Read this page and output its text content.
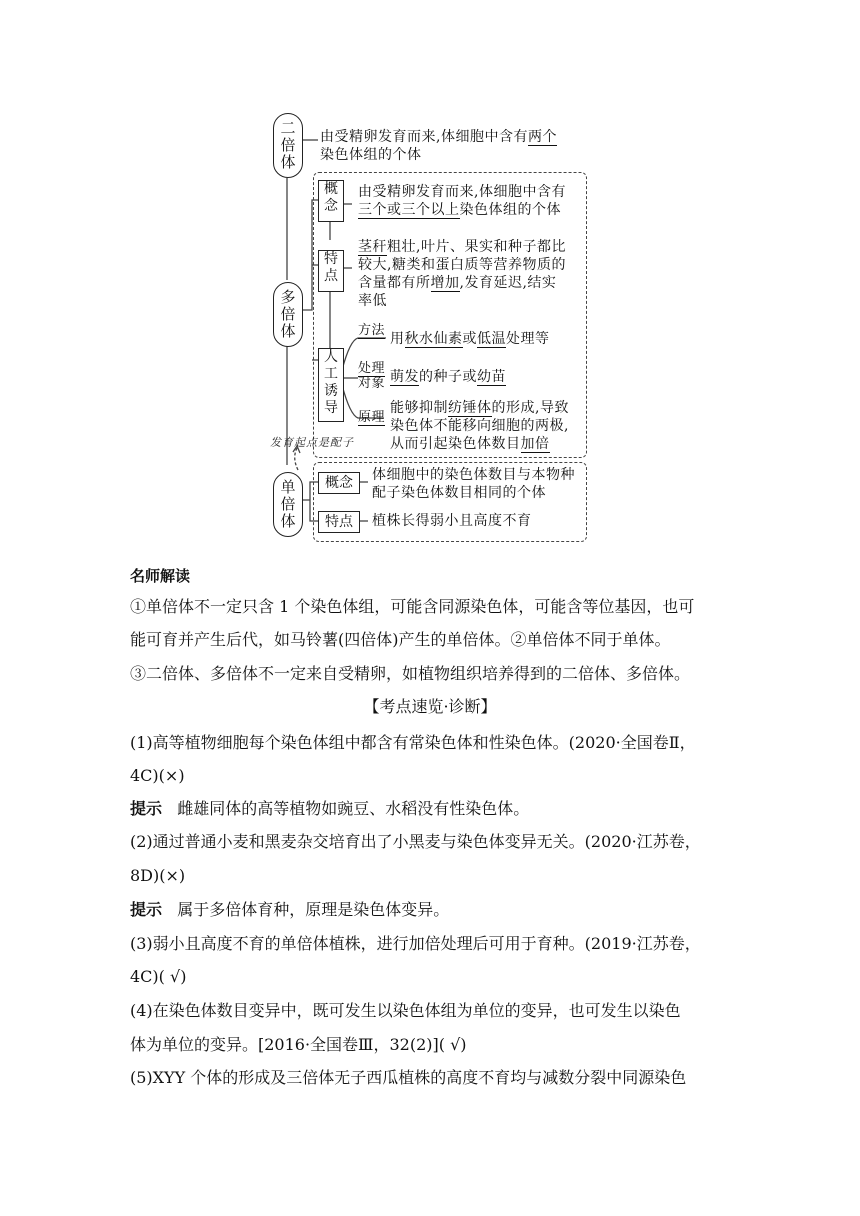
二
倍
体
由受精卵发育而来,体细胞中含有两个
染色体组的个体
多
倍
体
概
念
由受精卵发育而来,体细胞中含有
三个或三个以上染色体组的个体
特
点
茎秆粗壮,叶片、果实和种子都比
较大,糖类和蛋白质等营养物质的
含量都有所增加,发育延迟,结实
率低
人
工
诱
导
方法
用秋水仙素或低温处理等
处理
对象 萌发的种子或幼苗
原理
能够抑制纺锤体的形成,导致
染色体不能移向细胞的两极,
从而引起染色体数目加倍
发育起点是配子
单
倍
体
概念	体细胞中的染色体数目与本物种
配子染色体数目相同的个体
特点	植株长得弱小且高度不育
名师解读
①单倍体不一定只含 1 个染色体组，可能含同源染色体，可能含等位基因，也可
能可育并产生后代，如马铃薯(四倍体)产生的单倍体。②单倍体不同于单体。
③二倍体、多倍体不一定来自受精卵，如植物组织培养得到的二倍体、多倍体。
【考点速览·诊断】
(1)高等植物细胞每个染色体组中都含有常染色体和性染色体。(2020·全国卷Ⅱ，
4C)(×)
提示 雌雄同体的高等植物如豌豆、水稻没有性染色体。
(2)通过普通小麦和黑麦杂交培育出了小黑麦与染色体变异无关。(2020·江苏卷，
8D)(×)
提示 属于多倍体育种，原理是染色体变异。
(3)弱小且高度不育的单倍体植株，进行加倍处理后可用于育种。(2019·江苏卷，
4C)( √)
(4)在染色体数目变异中，既可发生以染色体组为单位的变异，也可发生以染色
体为单位的变异。[2016·全国卷Ⅲ，32(2)]( √)
(5)XYY 个体的形成及三倍体无子西瓜植株的高度不育均与减数分裂中同源染色
